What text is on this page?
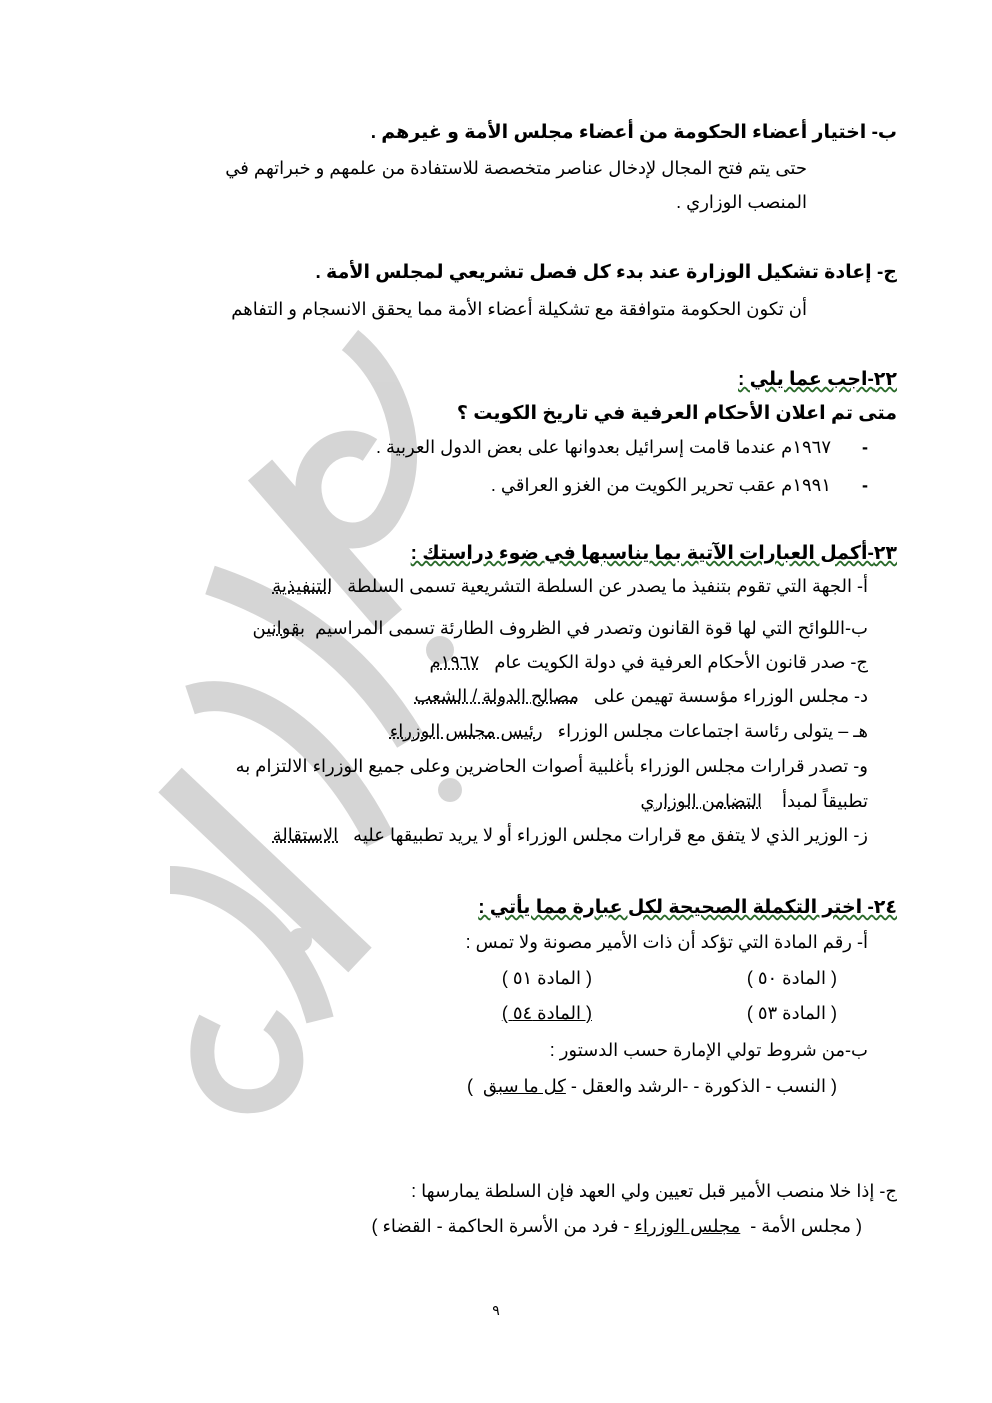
ب- اختيار أعضاء الحكومة من أعضاء مجلس الأمة و غيرهم .
حتى يتم فتح المجال لإدخال عناصر متخصصة للاستفادة من علمهم و خبراتهم في
المنصب الوزاري .
ج- إعادة تشكيل الوزارة عند بدء كل فصل تشريعي لمجلس الأمة .
أن تكون الحكومة متوافقة مع تشكيلة أعضاء الأمة مما يحقق الانسجام و التفاهم
٢٢-اجب عما يلي :
متى تم اعلان الأحكام العرفية في تاريخ الكويت ؟
-   ١٩٦٧م عندما قامت إسرائيل بعدوانها على بعض الدول العربية .
-   ١٩٩١م عقب تحرير الكويت من الغزو العراقي .
٢٣-أكمل العبارات الآتية بما يناسبها في ضوء دراستك :
أ- الجهة التي تقوم بتنفيذ ما يصدر عن السلطة التشريعية تسمى السلطة   التنفيذية
ب-اللوائح التي لها قوة القانون وتصدر في الظروف الطارئة تسمى المراسيم  بقوانين
ج- صدر قانون الأحكام العرفية في دولة الكويت عام   ١٩٦٧م
د- مجلس الوزراء مؤسسة تهيمن على   مصالح الدولة / الشعب
هـ – يتولى رئاسة اجتماعات مجلس الوزراء   رئيس مجلس الوزراء
و- تصدر قرارات مجلس الوزراء بأغلبية أصوات الحاضرين وعلى جميع الوزراء الالتزام به
تطبيقاً لمبدأ    التضامن الوزاري
ز- الوزير الذي لا يتفق مع قرارات مجلس الوزراء أو لا يريد تطبيقها عليه   الاستقالة
٢٤- اختر التكملة الصحيحة لكل عبارة مما يأتي :
أ- رقم المادة التي تؤكد أن ذات الأمير مصونة ولا تمس :
( المادة ٥٠ )
( المادة ٥١ )
( المادة ٥٣ )
( المادة ٥٤ )
ب-من شروط تولي الإمارة حسب الدستور :
( النسب - الذكورة - -الرشد والعقل - كل ما سبق  )
ج- إذا خلا منصب الأمير قبل تعيين ولي العهد فإن السلطة يمارسها :
( مجلس الأمة -  مجلس الوزراء - فرد من الأسرة الحاكمة - القضاء )
٩
